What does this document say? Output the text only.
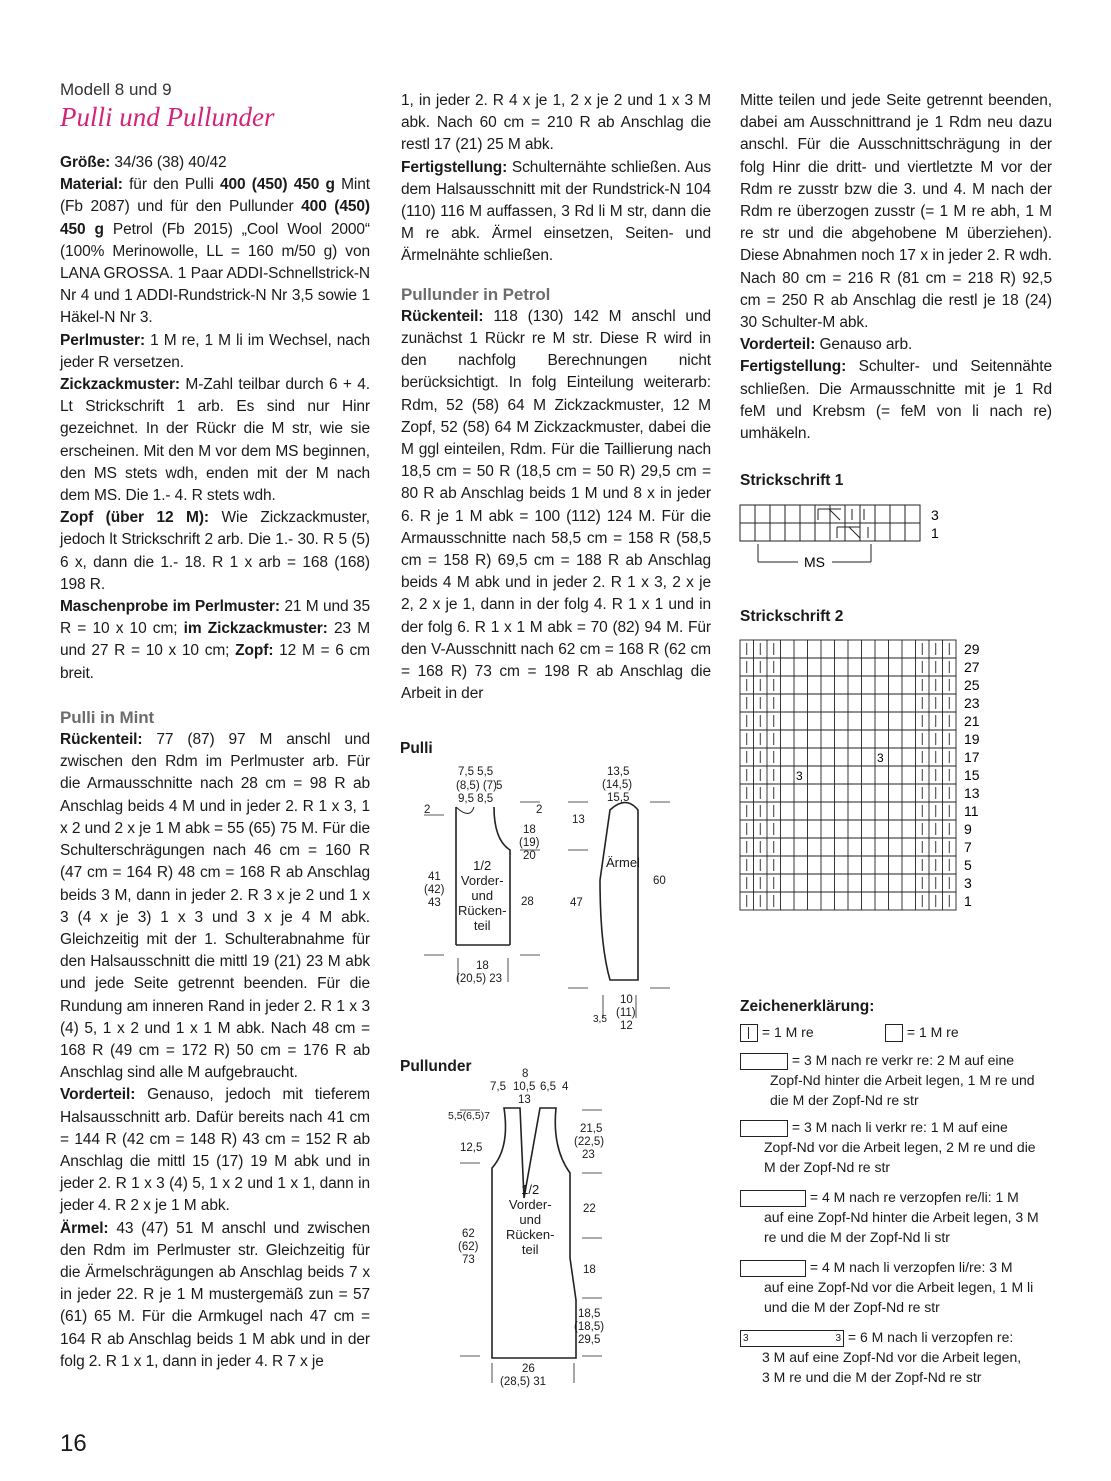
Modell 8 und 9
Pulli und Pullunder

Größe: 34/36 (38) 40/42

Material: für den Pulli 400 (450) 450 g Mint (Fb 2087) und für den Pullunder 400 (450) 450 g Petrol (Fb 2015) „Cool Wool 2000“ (100% Merinowolle, LL = 160 m/50 g) von LANA GROSSA. 1 Paar ADDI-Schnellstrick-N Nr 4 und 1 ADDI-Rundstrick-N Nr 3,5 sowie 1 Häkel-N Nr 3.

Perlmuster: 1 M re, 1 M li im Wechsel, nach jeder R versetzen.

Zickzackmuster: M-Zahl teilbar durch 6 + 4. Lt Strickschrift 1 arb. Es sind nur Hinr gezeichnet. In der Rückr die M str, wie sie erscheinen. Mit den M vor dem MS beginnen, den MS stets wdh, enden mit der M nach dem MS. Die 1.- 4. R stets wdh.

Zopf (über 12 M): Wie Zickzackmuster, jedoch lt Strickschrift 2 arb. Die 1.- 30. R 5 (5) 6 x, dann die 1.- 18. R 1 x arb = 168 (168) 198 R.

Maschenprobe im Perlmuster: 21 M und 35 R = 10 x 10 cm; im Zickzackmuster: 23 M und 27 R = 10 x 10 cm; Zopf: 12 M = 6 cm breit.

Pulli in Mint

Rückenteil: 77 (87) 97 M anschl und zwischen den Rdm im Perlmuster arb. Für die Armausschnitte nach 28 cm = 98 R ab Anschlag beids 4 M und in jeder 2. R 1 x 3, 1 x 2 und 2 x je 1 M abk = 55 (65) 75 M. Für die Schulterschrägungen nach 46 cm = 160 R (47 cm = 164 R) 48 cm = 168 R ab Anschlag beids 3 M, dann in jeder 2. R 3 x je 2 und 1 x 3 (4 x je 3) 1 x 3 und 3 x je 4 M abk. Gleichzeitig mit der 1. Schulterabnahme für den Halsausschnitt die mittl 19 (21) 23 M abk und jede Seite getrennt beenden. Für die Rundung am inneren Rand in jeder 2. R 1 x 3 (4) 5, 1 x 2 und 1 x 1 M abk. Nach 48 cm = 168 R (49 cm = 172 R) 50 cm = 176 R ab Anschlag sind alle M aufgebraucht.

Vorderteil: Genauso, jedoch mit tieferem Halsausschnitt arb. Dafür bereits nach 41 cm = 144 R (42 cm = 148 R) 43 cm = 152 R ab Anschlag die mittl 15 (17) 19 M abk und in jeder 2. R 1 x 3 (4) 5, 1 x 2 und 1 x 1, dann in jeder 4. R 2 x je 1 M abk.

Ärmel: 43 (47) 51 M anschl und zwischen den Rdm im Perlmuster str. Gleichzeitig für die Ärmelschrägungen ab Anschlag beids 7 x in jeder 22. R je 1 M mustergemäß zun = 57 (61) 65 M. Für die Armkugel nach 47 cm = 164 R ab Anschlag beids 1 M abk und in der folg 2. R 1 x 1, dann in jeder 4. R 7 x je

1, in jeder 2. R 4 x je 1, 2 x je 2 und 1 x 3 M abk. Nach 60 cm = 210 R ab Anschlag die restl 17 (21) 25 M abk.

Fertigstellung: Schulternähte schließen. Aus dem Halsausschnitt mit der Rundstrick-N 104 (110) 116 M auffassen, 3 Rd li M str, dann die M re abk. Ärmel einsetzen, Seiten- und Ärmelnähte schließen.

Pullunder in Petrol

Rückenteil: 118 (130) 142 M anschl und zunächst 1 Rückr re M str. Diese R wird in den nachfolg Berechnungen nicht berücksichtigt. In folg Einteilung weiterarb: Rdm, 52 (58) 64 M Zickzackmuster, 12 M Zopf, 52 (58) 64 M Zickzackmuster, dabei die M ggl einteilen, Rdm. Für die Taillierung nach 18,5 cm = 50 R (18,5 cm = 50 R) 29,5 cm = 80 R ab Anschlag beids 1 M und 8 x in jeder 6. R je 1 M abk = 100 (112) 124 M. Für die Armausschnitte nach 58,5 cm = 158 R (58,5 cm = 158 R) 69,5 cm = 188 R ab Anschlag beids 4 M abk und in jeder 2. R 1 x 3, 2 x je 2, 2 x je 1, dann in der folg 4. R 1 x 1 und in der folg 6. R 1 x 1 M abk = 70 (82) 94 M. Für den V-Ausschnitt nach 62 cm = 168 R (62 cm = 168 R) 73 cm = 198 R ab Anschlag die Arbeit in der

Mitte teilen und jede Seite getrennt beenden, dabei am Ausschnittrand je 1 Rdm neu dazu anschl. Für die Ausschnittschrägung in der folg Hinr die dritt- und viertletzte M vor der Rdm re zusstr bzw die 3. und 4. M nach der Rdm re überzogen zusstr (= 1 M re abh, 1 M re str und die abgehobene M überziehen). Diese Abnahmen noch 17 x in jeder 2. R wdh. Nach 80 cm = 216 R (81 cm = 218 R) 92,5 cm = 250 R ab Anschlag die restl je 18 (24) 30 Schulter-M abk.

Vorderteil: Genauso arb.

Fertigstellung: Schulter- und Seitennähte schließen. Die Armausschnitte mit je 1 Rd feM und Krebsm (= feM von li nach re) umhäkeln.

Strickschrift 1
3
1
MS
Strickschrift 2
29
27
25
23
21
19
17
15
13
11
9
7
5
3
1
3
3
Zeichenerklärung:
= 1 M re	= 1 M re
= 3 M nach re verkr re: 2 M auf eine
Zopf-Nd hinter die Arbeit legen, 1 M re und
die M der Zopf-Nd re str
= 3 M nach li verkr re: 1 M auf eine
Zopf-Nd vor die Arbeit legen, 2 M re und die
M der Zopf-Nd re str
= 4 M nach re verzopfen re/li: 1 M
auf eine Zopf-Nd hinter die Arbeit legen, 3 M
re und die M der Zopf-Nd li str
= 4 M nach li verzopfen li/re: 3 M
auf eine Zopf-Nd vor die Arbeit legen, 1 M li
und die M der Zopf-Nd re str
3	3 = 6 M nach li verzopfen re:
3 M auf eine Zopf-Nd vor die Arbeit legen,
3 M re und die M der Zopf-Nd re str
Pulli
7,5 5,5
(8,5) (7) 5
9,5 8,5
2	2
18
(19)
20
41
(42)
43	28
1/2
Vorder-
und
Rücken-
teil
18
(20,5) 23
13,5
(14,5)
15,5
13
Ärmel
60
47
10
(11)
12
3,5
Pullunder	8
7,5 10,5 6,5 4
13
5,5(6,5)7
12,5
21,5
(22,5)
23
22
18
1/2
Vorder-
und
Rücken-
teil
62
(62)
73
18,5
(18,5)
29,5
26
(28,5) 31
16
